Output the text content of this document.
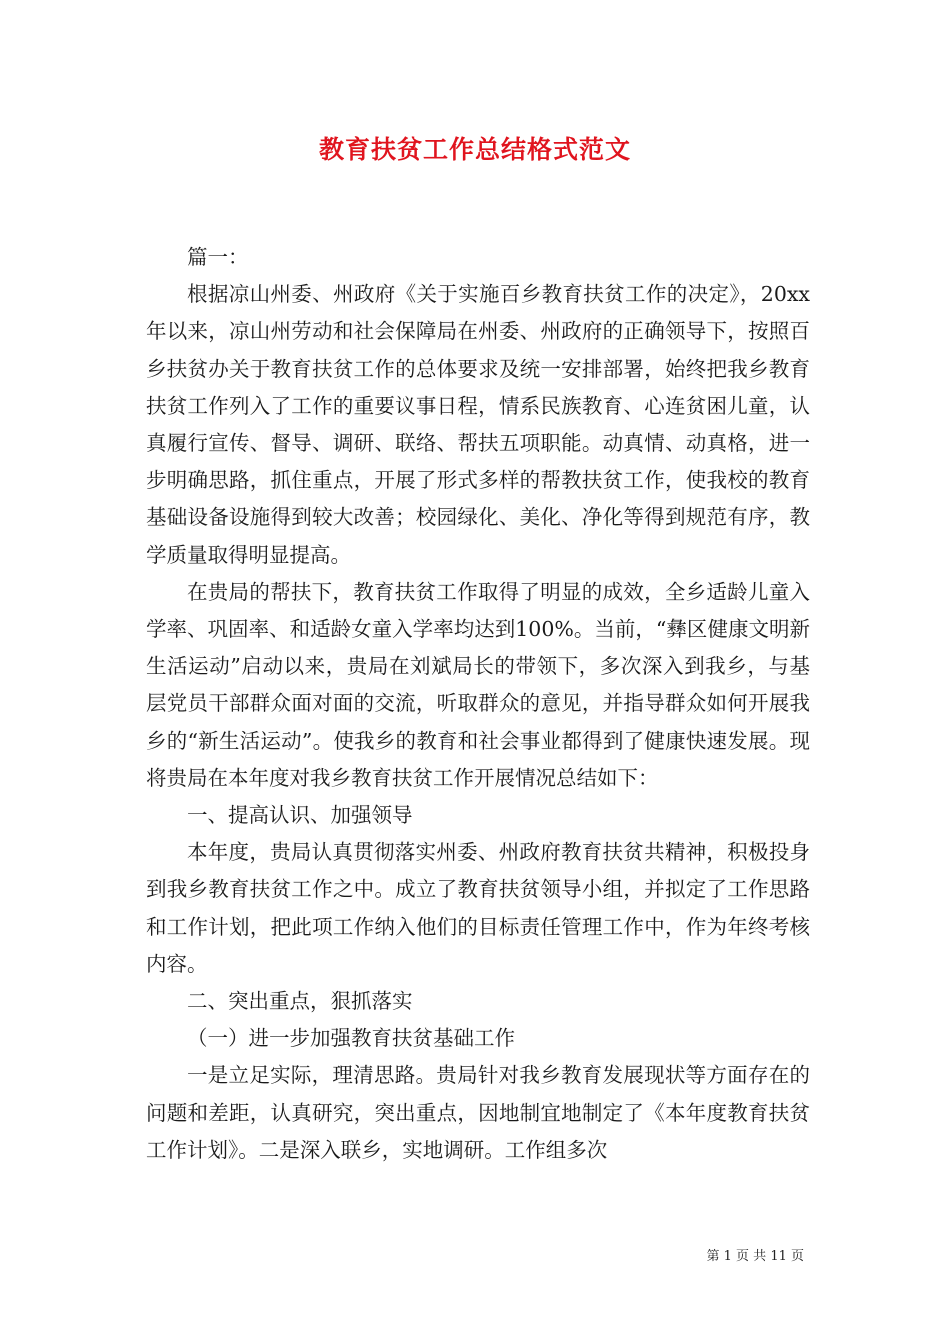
教育扶贫工作总结格式范文

篇一：

根据凉山州委、州政府《关于实施百乡教育扶贫工作的决定》，20xx年以来，凉山州劳动和社会保障局在州委、州政府的正确领导下，按照百乡扶贫办关于教育扶贫工作的总体要求及统一安排部署，始终把我乡教育扶贫工作列入了工作的重要议事日程，情系民族教育、心连贫困儿童，认真履行宣传、督导、调研、联络、帮扶五项职能。动真情、动真格，进一步明确思路，抓住重点，开展了形式多样的帮教扶贫工作，使我校的教育基础设备设施得到较大改善；校园绿化、美化、净化等得到规范有序，教学质量取得明显提高。

在贵局的帮扶下，教育扶贫工作取得了明显的成效，全乡适龄儿童入学率、巩固率、和适龄女童入学率均达到100%。当前，“彝区健康文明新生活运动”启动以来，贵局在刘斌局长的带领下，多次深入到我乡，与基层党员干部群众面对面的交流，听取群众的意见，并指导群众如何开展我乡的“新生活运动”。使我乡的教育和社会事业都得到了健康快速发展。现将贵局在本年度对我乡教育扶贫工作开展情况总结如下：

一、提高认识、加强领导

本年度，贵局认真贯彻落实州委、州政府教育扶贫共精神，积极投身到我乡教育扶贫工作之中。成立了教育扶贫领导小组，并拟定了工作思路和工作计划，把此项工作纳入他们的目标责任管理工作中，作为年终考核内容。

二、突出重点，狠抓落实

（一）进一步加强教育扶贫基础工作

一是立足实际，理清思路。贵局针对我乡教育发展现状等方面存在的问题和差距，认真研究，突出重点，因地制宜地制定了《本年度教育扶贫工作计划》。二是深入联乡，实地调研。工作组多次

第 1 页 共 11 页
